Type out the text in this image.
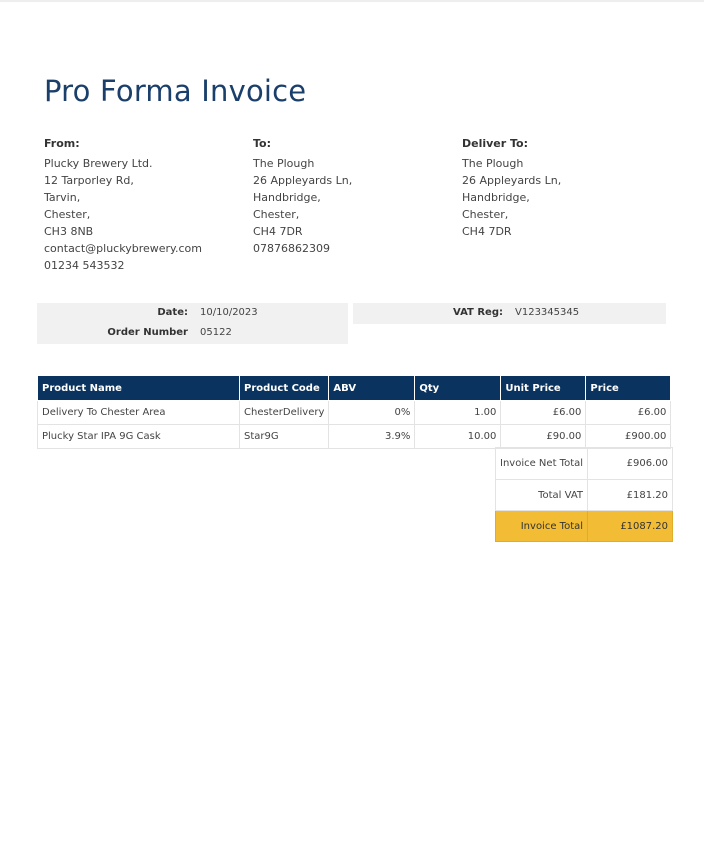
Pro Forma Invoice
From:
Plucky Brewery Ltd.
12 Tarporley Rd,
Tarvin,
Chester,
CH3 8NB
contact@pluckybrewery.com
01234 543532
To:
The Plough
26 Appleyards Ln,
Handbridge,
Chester,
CH4 7DR
07876862309
Deliver To:
The Plough
26 Appleyards Ln,
Handbridge,
Chester,
CH4 7DR
Date: 10/10/2023
Order Number 05122
VAT Reg: V123345345
Product Name	Product Code	ABV	Qty	Unit Price	Price
Delivery To Chester Area	ChesterDelivery	0%	1.00	£6.00	£6.00
Plucky Star IPA 9G Cask	Star9G	3.9%	10.00	£90.00	£900.00
Invoice Net Total	£906.00
Total VAT	£181.20
Invoice Total	£1087.20
